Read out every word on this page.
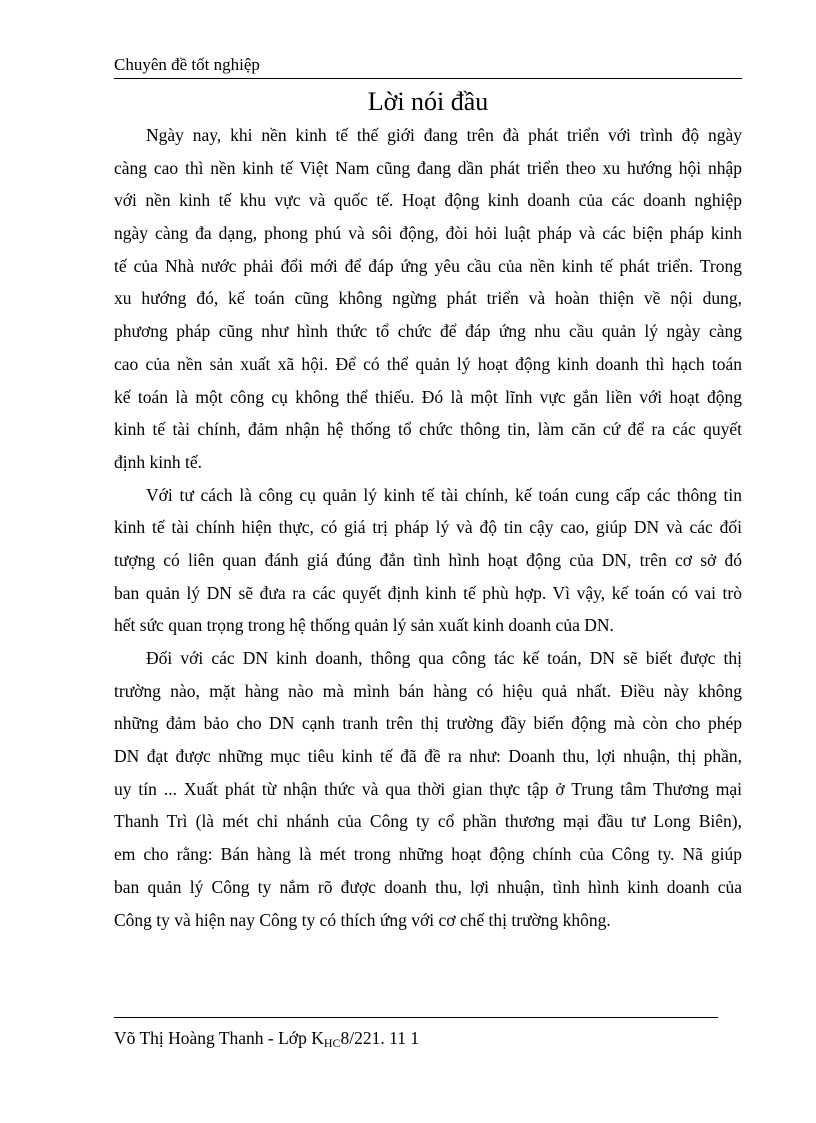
Chuyên đề tốt nghiệp
Lời nói đầu
Ngày nay, khi nền kinh tế thế giới đang trên đà phát triển với trình độ ngày
càng cao thì nền kinh tế Việt Nam cũng đang dần phát triển theo xu hướng hội nhập
với nền kinh tế khu vực và quốc tế. Hoạt động kinh doanh của các doanh nghiệp
ngày càng đa dạng, phong phú và sôi động, đòi hỏi luật pháp và các biện pháp kinh
tế của Nhà nước phải đổi mới để đáp ứng yêu cầu của nền kinh tế phát triển. Trong
xu hướng đó, kế toán cũng không ngừng phát triển và hoàn thiện về nội dung,
phương pháp cũng như hình thức tổ chức để đáp ứng nhu cầu quản lý ngày càng
cao của nền sản xuất xã hội. Để có thể quản lý hoạt động kinh doanh thì hạch toán
kế toán là một công cụ không thể thiếu. Đó là một lĩnh vực gắn liền với hoạt động
kinh tế tài chính, đảm nhận hệ thống tổ chức thông tin, làm căn cứ để ra các quyết
định kinh tế.
Với tư cách là công cụ quản lý kinh tế tài chính, kế toán cung cấp các thông tin
kinh tế tài chính hiện thực, có giá trị pháp lý và độ tin cậy cao, giúp DN và các đối
tượng có liên quan đánh giá đúng đắn tình hình hoạt động của DN, trên cơ sở đó
ban quản lý DN sẽ đưa ra các quyết định kinh tế phù hợp. Vì vậy, kế toán có vai trò
hết sức quan trọng trong hệ thống quản lý sản xuất kinh doanh của DN.
Đối với các DN kinh doanh, thông qua công tác kế toán, DN sẽ biết được thị
trường nào, mặt hàng nào mà mình bán hàng có hiệu quả nhất. Điều này không
những đảm bảo cho DN cạnh tranh trên thị trường đầy biến động mà còn cho phép
DN đạt được những mục tiêu kinh tế đã đề ra như: Doanh thu, lợi nhuận, thị phần,
uy tín ... Xuất phát từ nhận thức và qua thời gian thực tập ở Trung tâm Thương mại
Thanh Trì (là mét chi nhánh của Công ty cổ phần thương mại đầu tư Long Biên),
em cho rằng: Bán hàng là mét trong những hoạt động chính của Công ty. Nã giúp
ban quản lý Công ty nắm rõ được doanh thu, lợi nhuận, tình hình kinh doanh của
Công ty và hiện nay Công ty có thích ứng với cơ chế thị trường không.
Võ Thị Hoàng Thanh - Lớp $K_{HC}8/221$. 11 1
